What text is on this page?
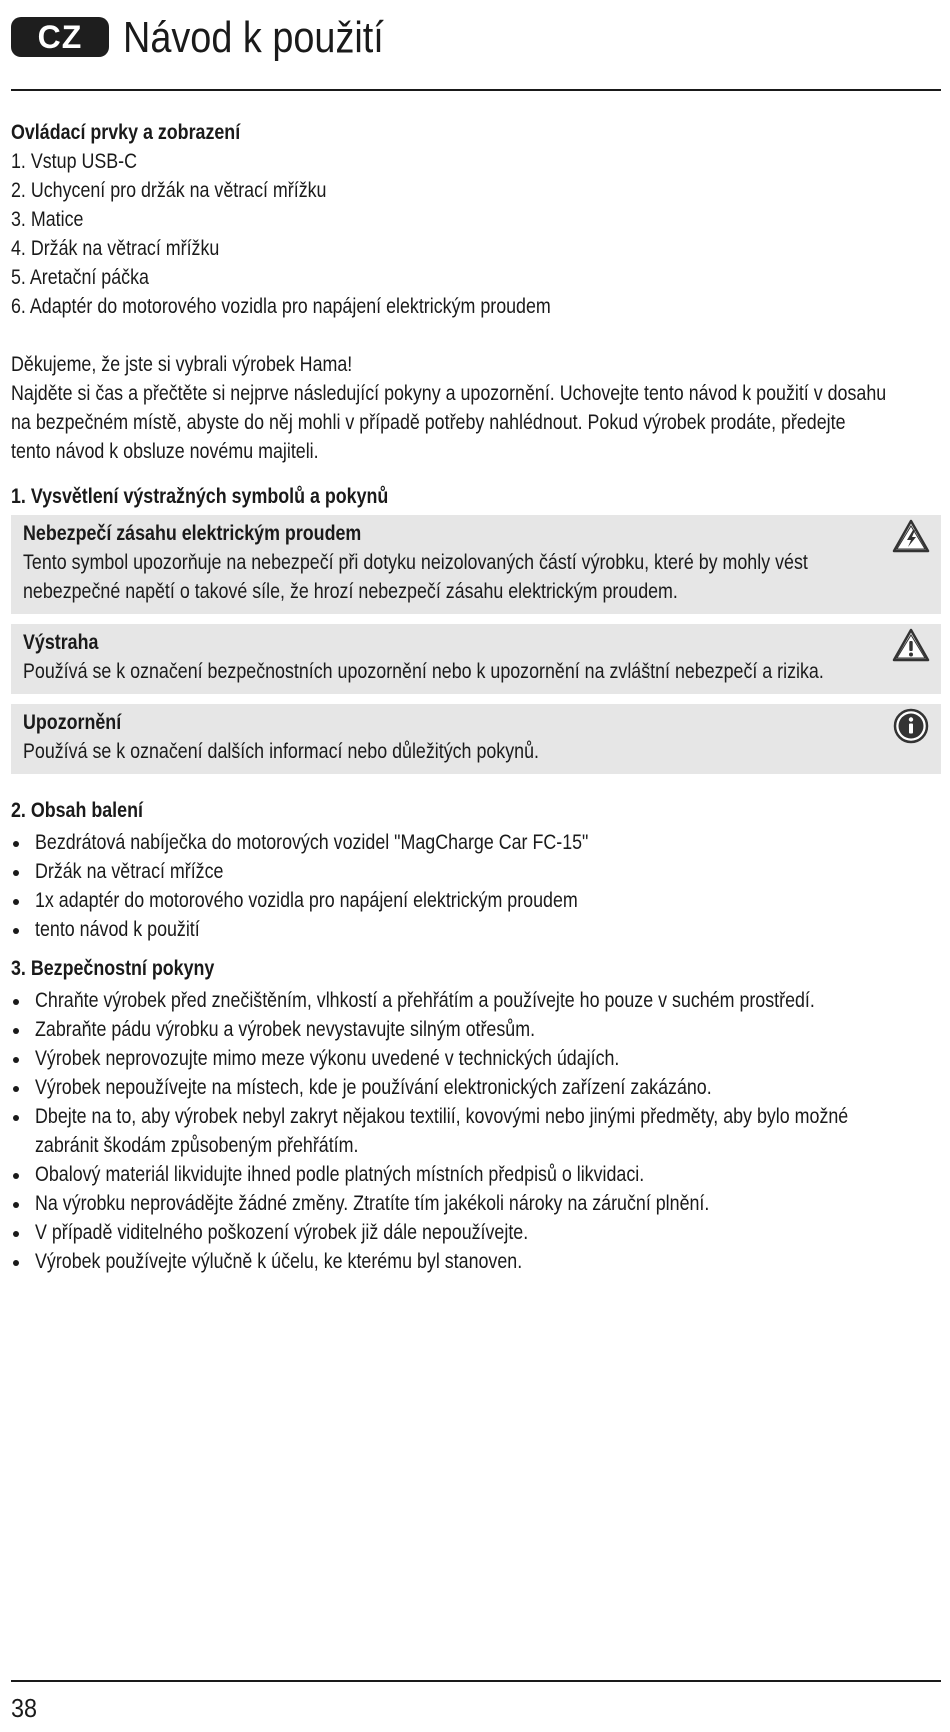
CZ Návod k použití
Ovládací prvky a zobrazení
1. Vstup USB-C
2. Uchycení pro držák na větrací mřížku
3. Matice
4. Držák na větrací mřížku
5. Aretační páčka
6. Adaptér do motorového vozidla pro napájení elektrickým proudem
Děkujeme, že jste si vybrali výrobek Hama!
Najděte si čas a přečtěte si nejprve následující pokyny a upozornění. Uchovejte tento návod k použití v dosahu
na bezpečném místě, abyste do něj mohli v případě potřeby nahlédnout. Pokud výrobek prodáte, předejte
tento návod k obsluze novému majiteli.
1. Vysvětlení výstražných symbolů a pokynů
Nebezpečí zásahu elektrickým proudem
Tento symbol upozorňuje na nebezpečí při dotyku neizolovaných částí výrobku, které by mohly vést
nebezpečné napětí o takové síle, že hrozí nebezpečí zásahu elektrickým proudem.
Výstraha
Používá se k označení bezpečnostních upozornění nebo k upozornění na zvláštní nebezpečí a rizika.
Upozornění
Používá se k označení dalších informací nebo důležitých pokynů.
2. Obsah balení
Bezdrátová nabíječka do motorových vozidel "MagCharge Car FC-15"
Držák na větrací mřížce
1x adaptér do motorového vozidla pro napájení elektrickým proudem
tento návod k použití
3. Bezpečnostní pokyny
Chraňte výrobek před znečištěním, vlhkostí a přehřátím a používejte ho pouze v suchém prostředí.
Zabraňte pádu výrobku a výrobek nevystavujte silným otřesům.
Výrobek neprovozujte mimo meze výkonu uvedené v technických údajích.
Výrobek nepoužívejte na místech, kde je používání elektronických zařízení zakázáno.
Dbejte na to, aby výrobek nebyl zakryt nějakou textilií, kovovými nebo jinými předměty, aby bylo možné
zabránit škodám způsobeným přehřátím.
Obalový materiál likvidujte ihned podle platných místních předpisů o likvidaci.
Na výrobku neprovádějte žádné změny. Ztratíte tím jakékoli nároky na záruční plnění.
V případě viditelného poškození výrobek již dále nepoužívejte.
Výrobek používejte výlučně k účelu, ke kterému byl stanoven.
38
